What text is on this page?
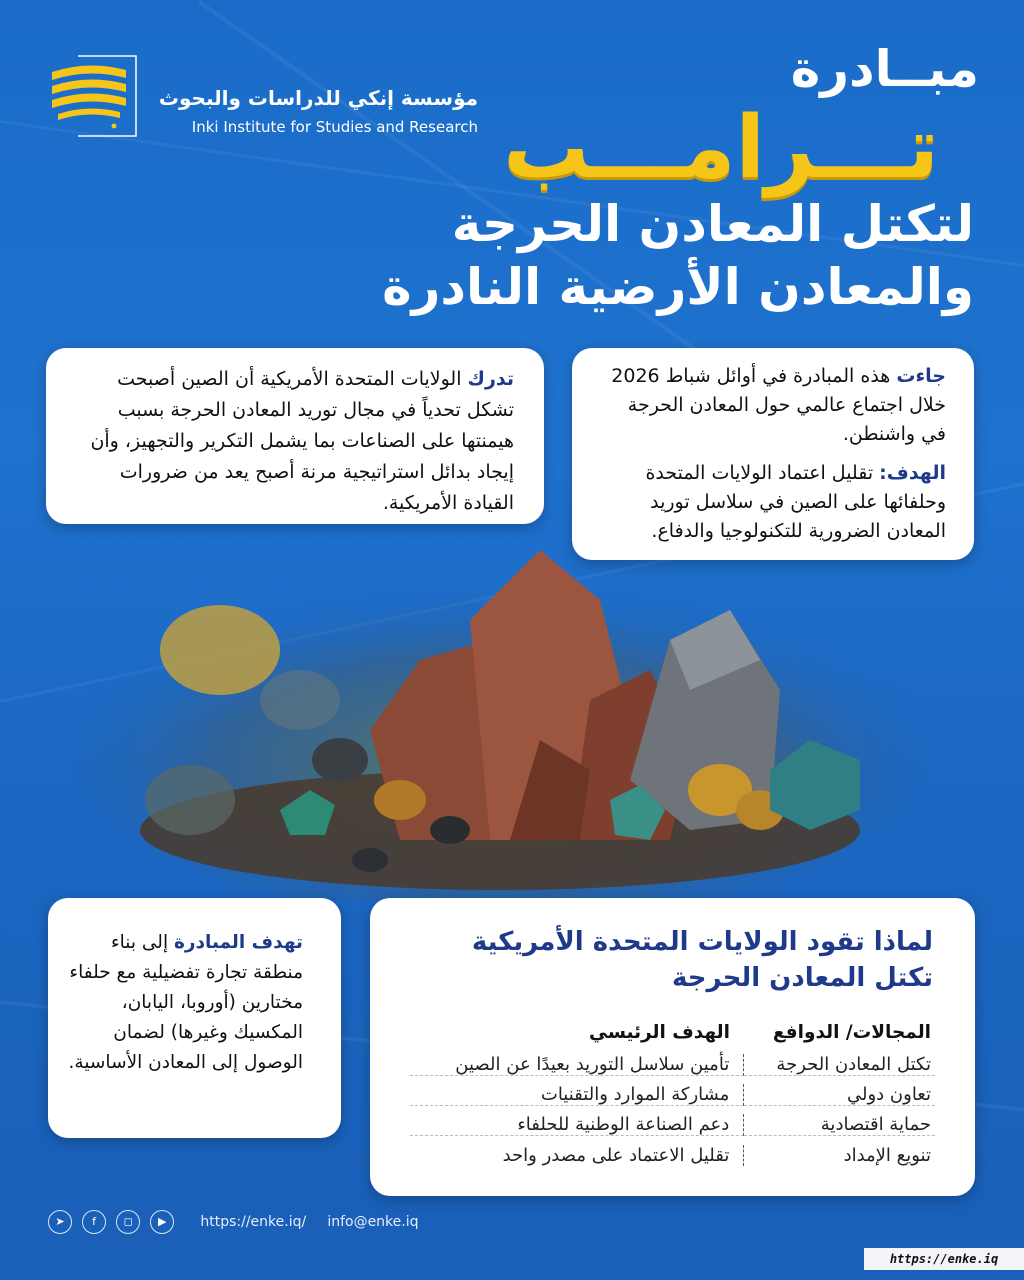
مؤسسة إنكي للدراسات والبحوث
Inki Institute for Studies and Research
مبــادرة
تـــرامـــب
لتكتل المعادن الحرجة
والمعادن الأرضية النادرة

تدرك الولايات المتحدة الأمريكية أن الصين أصبحت تشكل تحدياً في مجال توريد المعادن الحرجة بسبب هيمنتها على الصناعات بما يشمل التكرير والتجهيز، وأن إيجاد بدائل استراتيجية مرنة أصبح يعد من ضرورات القيادة الأمريكية.

جاءت هذه المبادرة في أوائل شباط 2026 خلال اجتماع عالمي حول المعادن الحرجة في واشنطن.

الهدف: تقليل اعتماد الولايات المتحدة وحلفائها على الصين في سلاسل توريد المعادن الضرورية للتكنولوجيا والدفاع.

تهدف المبادرة إلى بناء منطقة تجارة تفضيلية مع حلفاء مختارين (أوروبا، اليابان، المكسيك وغيرها) لضمان الوصول إلى المعادن الأساسية.

لماذا تقود الولايات المتحدة الأمريكية تكتل المعادن الحرجة
المجالات/ الدوافع
الهدف الرئيسي
تكتل المعادن الحرجة
تأمين سلاسل التوريد بعيدًا عن الصين
تعاون دولي
مشاركة الموارد والتقنيات
حماية اقتصادية
دعم الصناعة الوطنية للحلفاء
تنويع الإمداد
تقليل الاعتماد على مصدر واحد
➤	f	◻ ▶ https://enke.iq/ info@enke.iq
https://enke.iq
